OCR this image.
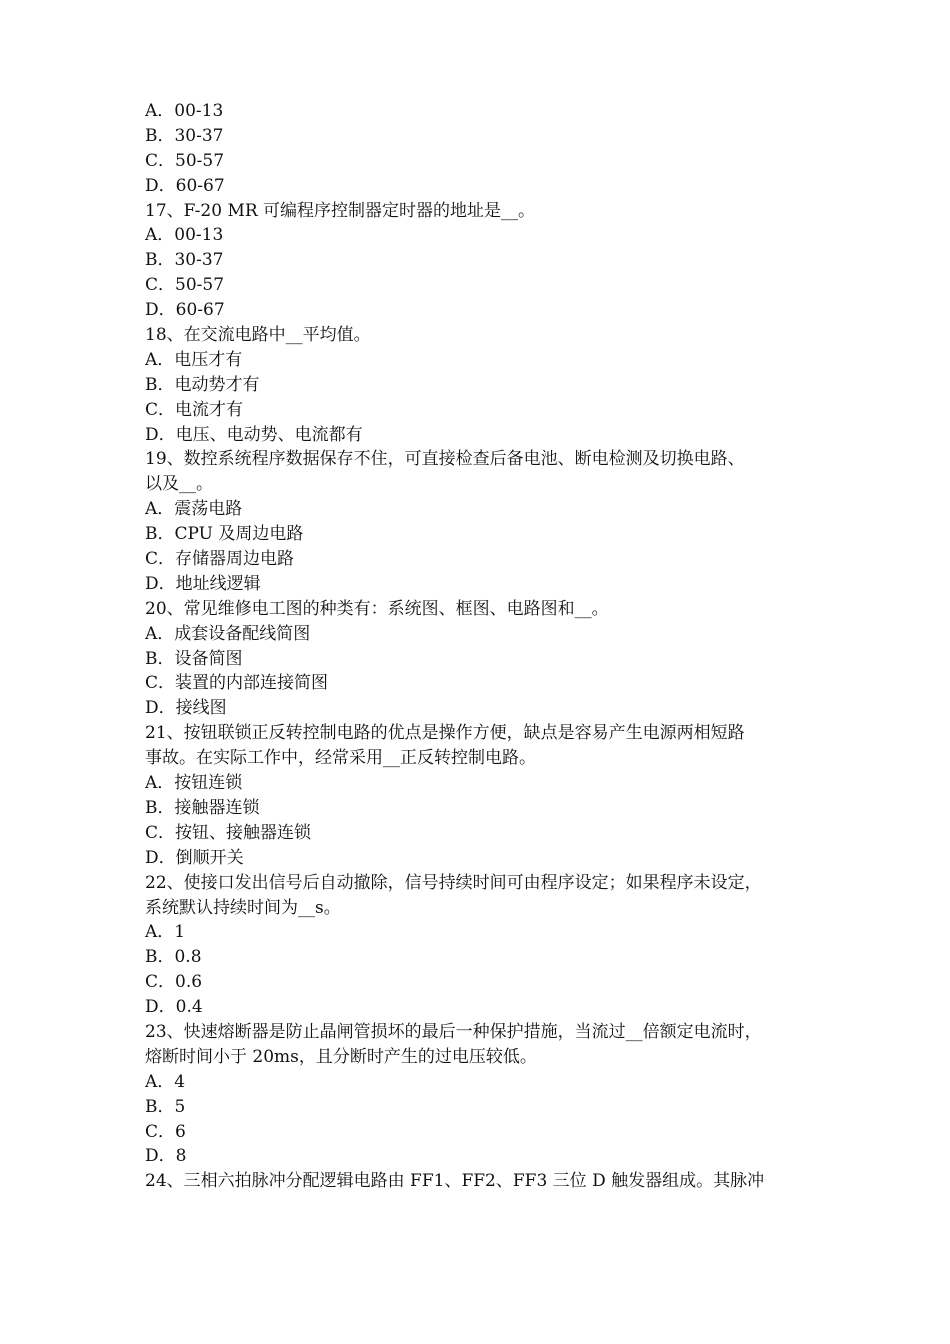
A．00-13
B．30-37
C．50-57
D．60-67
17、F-20 MR 可编程序控制器定时器的地址是__。
A．00-13
B．30-37
C．50-57
D．60-67
18、在交流电路中__平均值。
A．电压才有
B．电动势才有
C．电流才有
D．电压、电动势、电流都有
19、数控系统程序数据保存不住，可直接检查后备电池、断电检测及切换电路、
以及__。
A．震荡电路
B．CPU 及周边电路
C．存储器周边电路
D．地址线逻辑
20、常见维修电工图的种类有：系统图、框图、电路图和__。
A．成套设备配线简图
B．设备简图
C．装置的内部连接简图
D．接线图
21、按钮联锁正反转控制电路的优点是操作方便，缺点是容易产生电源两相短路
事故。在实际工作中，经常采用__正反转控制电路。
A．按钮连锁
B．接触器连锁
C．按钮、接触器连锁
D．倒顺开关
22、使接口发出信号后自动撤除，信号持续时间可由程序设定；如果程序未设定，
系统默认持续时间为__s。
A．1
B．0.8
C．0.6
D．0.4
23、快速熔断器是防止晶闸管损坏的最后一种保护措施，当流过__倍额定电流时，
熔断时间小于 20ms，且分断时产生的过电压较低。
A．4
B．5
C．6
D．8
24、三相六拍脉冲分配逻辑电路由 FF1、FF2、FF3 三位 D 触发器组成。其脉冲
